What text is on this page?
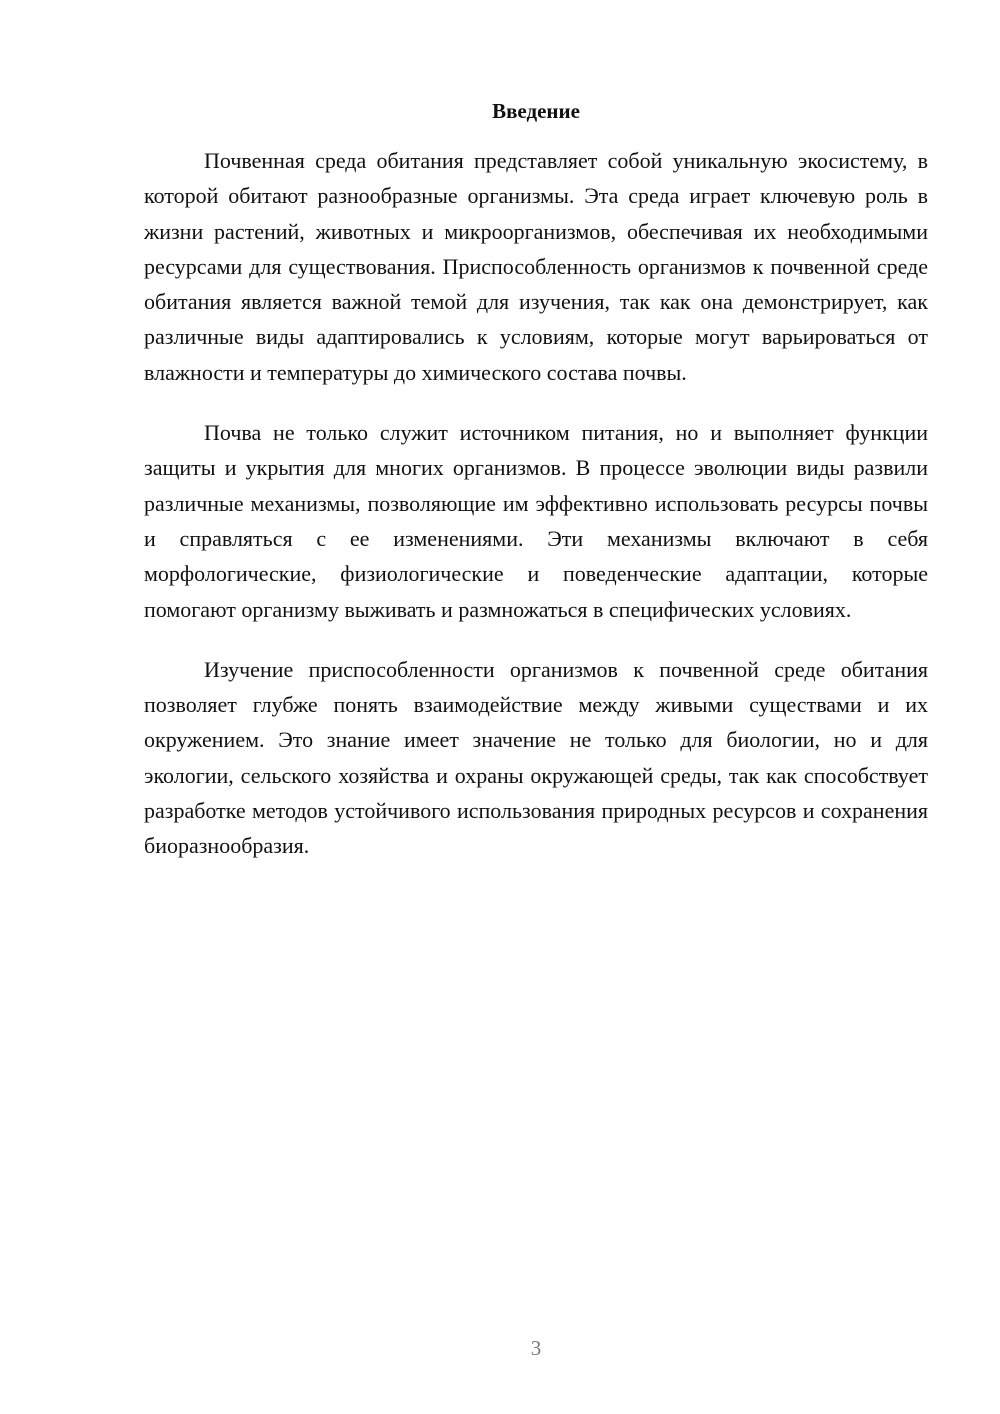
Введение

Почвенная среда обитания представляет собой уникальную экосистему, в которой обитают разнообразные организмы. Эта среда играет ключевую роль в жизни растений, животных и микроорганизмов, обеспечивая их необходимыми ресурсами для существования. Приспособленность организмов к почвенной среде обитания является важной темой для изучения, так как она демонстрирует, как различные виды адаптировались к условиям, которые могут варьироваться от влажности и температуры до химического состава почвы.

Почва не только служит источником питания, но и выполняет функции защиты и укрытия для многих организмов. В процессе эволюции виды развили различные механизмы, позволяющие им эффективно использовать ресурсы почвы и справляться с ее изменениями. Эти механизмы включают в себя морфологические, физиологические и поведенческие адаптации, которые помогают организму выживать и размножаться в специфических условиях.

Изучение приспособленности организмов к почвенной среде обитания позволяет глубже понять взаимодействие между живыми существами и их окружением. Это знание имеет значение не только для биологии, но и для экологии, сельского хозяйства и охраны окружающей среды, так как способствует разработке методов устойчивого использования природных ресурсов и сохранения биоразнообразия.

3
